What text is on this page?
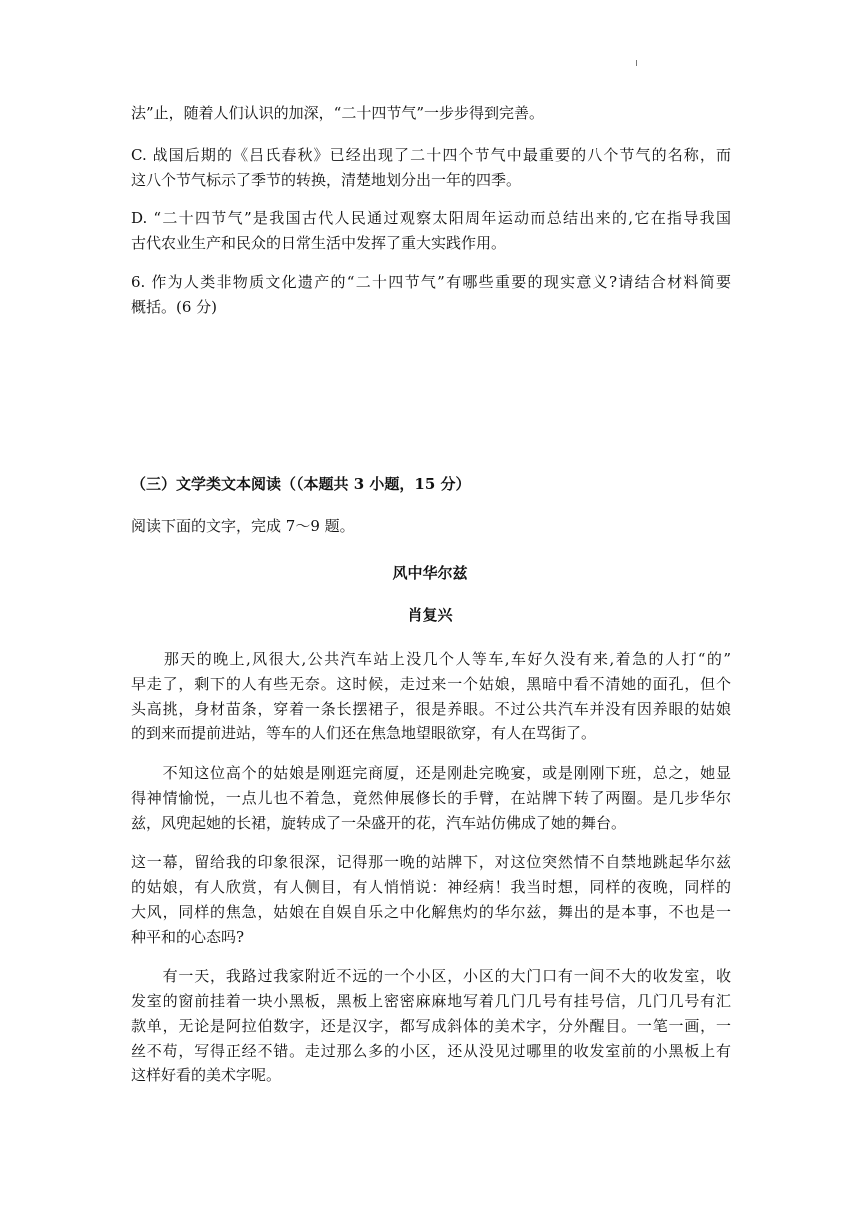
法”止，随着人们认识的加深，“二十四节气”一步步得到完善。
C. 战国后期的《吕氏春秋》已经出现了二十四个节气中最重要的八个节气的名称，而
这八个节气标示了季节的转换，清楚地划分出一年的四季。
D. “二十四节气”是我国古代人民通过观察太阳周年运动而总结出来的,它在指导我国
古代农业生产和民众的日常生活中发挥了重大实践作用。
6. 作为人类非物质文化遗产的“二十四节气”有哪些重要的现实意义?请结合材料简要
概括。(6 分)
（三）文学类文本阅读（（本题共 3 小题，15 分）
阅读下面的文字，完成 7～9 题。
风中华尔兹
肖复兴
　　那天的晚上,风很大,公共汽车站上没几个人等车,车好久没有来,着急的人打“的”
早走了，剩下的人有些无奈。这时候，走过来一个姑娘，黑暗中看不清她的面孔，但个
头高挑，身材苗条，穿着一条长摆裙子，很是养眼。不过公共汽车并没有因养眼的姑娘
的到来而提前进站，等车的人们还在焦急地望眼欲穿，有人在骂街了。
　　不知这位高个的姑娘是刚逛完商厦，还是刚赴完晚宴，或是刚刚下班，总之，她显
得神情愉悦，一点儿也不着急，竟然伸展修长的手臂，在站牌下转了两圈。是几步华尔
兹，风兜起她的长裙，旋转成了一朵盛开的花，汽车站仿佛成了她的舞台。
这一幕，留给我的印象很深，记得那一晚的站牌下，对这位突然情不自禁地跳起华尔兹
的姑娘，有人欣赏，有人侧目，有人悄悄说：神经病！我当时想，同样的夜晚，同样的
大风，同样的焦急，姑娘在自娱自乐之中化解焦灼的华尔兹，舞出的是本事，不也是一
种平和的心态吗?
　　有一天，我路过我家附近不远的一个小区，小区的大门口有一间不大的收发室，收
发室的窗前挂着一块小黑板，黑板上密密麻麻地写着几门几号有挂号信，几门几号有汇
款单，无论是阿拉伯数字，还是汉字，都写成斜体的美术字，分外醒目。一笔一画，一
丝不苟，写得正经不错。走过那么多的小区，还从没见过哪里的收发室前的小黑板上有
这样好看的美术字呢。
